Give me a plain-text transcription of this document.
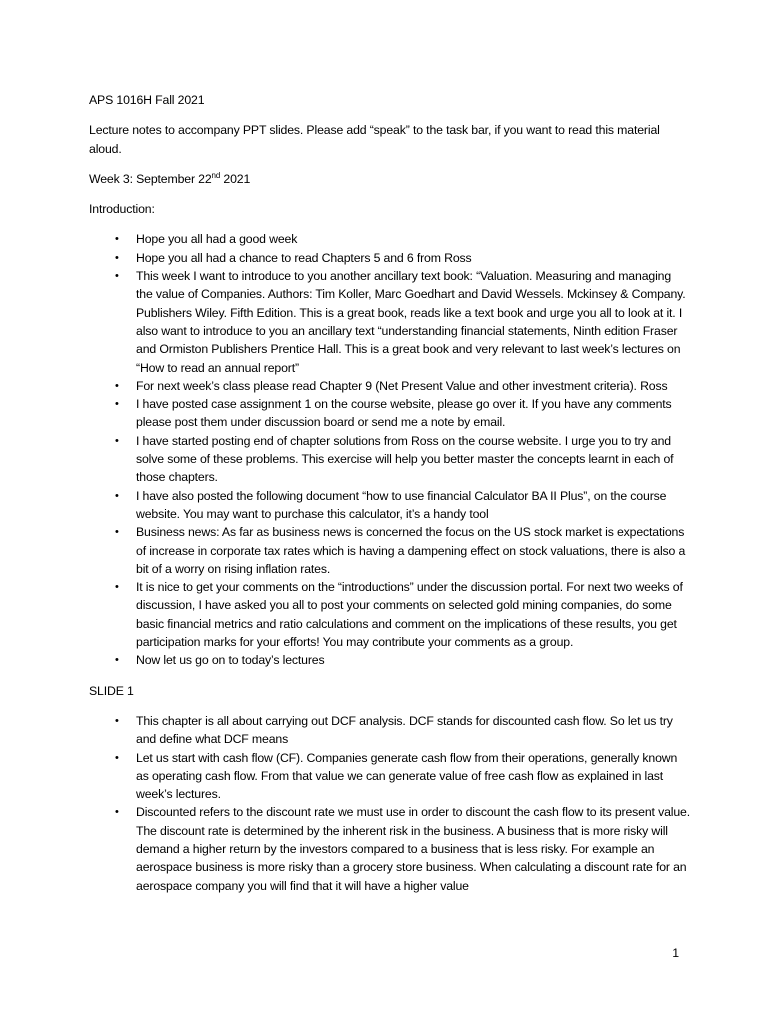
APS 1016H Fall 2021

Lecture notes to accompany PPT slides. Please add “speak” to the task bar, if you want to read this material aloud.

Week 3: September 22nd 2021

Introduction:

• Hope you all had a good week
• Hope you all had a chance to read Chapters 5 and 6 from Ross
• This week I want to introduce to you another ancillary text book: “Valuation. Measuring and managing the value of Companies. Authors: Tim Koller, Marc Goedhart and David Wessels. Mckinsey & Company. Publishers Wiley. Fifth Edition. This is a great book, reads like a text book and urge you all to look at it. I also want to introduce to you an ancillary text “understanding financial statements, Ninth edition Fraser and Ormiston Publishers Prentice Hall. This is a great book and very relevant to last week’s lectures on “How to read an annual report”
• For next week’s class please read Chapter 9 (Net Present Value and other investment criteria). Ross
• I have posted case assignment 1 on the course website, please go over it. If you have any comments please post them under discussion board or send me a note by email.
• I have started posting end of chapter solutions from Ross on the course website. I urge you to try and solve some of these problems. This exercise will help you better master the concepts learnt in each of those chapters.
• I have also posted the following document “how to use financial Calculator BA II Plus”, on the course website. You may want to purchase this calculator, it’s a handy tool
• Business news: As far as business news is concerned the focus on the US stock market is expectations of increase in corporate tax rates which is having a dampening effect on stock valuations, there is also a bit of a worry on rising inflation rates.
• It is nice to get your comments on the “introductions” under the discussion portal. For next two weeks of discussion, I have asked you all to post your comments on selected gold mining companies, do some basic financial metrics and ratio calculations and comment on the implications of these results, you get participation marks for your efforts! You may contribute your comments as a group.
• Now let us go on to today’s lectures

SLIDE 1

• This chapter is all about carrying out DCF analysis. DCF stands for discounted cash flow. So let us try and define what DCF means
• Let us start with cash flow (CF). Companies generate cash flow from their operations, generally known as operating cash flow. From that value we can generate value of free cash flow as explained in last week’s lectures.
• Discounted refers to the discount rate we must use in order to discount the cash flow to its present value. The discount rate is determined by the inherent risk in the business. A business that is more risky will demand a higher return by the investors compared to a business that is less risky. For example an aerospace business is more risky than a grocery store business. When calculating a discount rate for an aerospace company you will find that it will have a higher value
1
